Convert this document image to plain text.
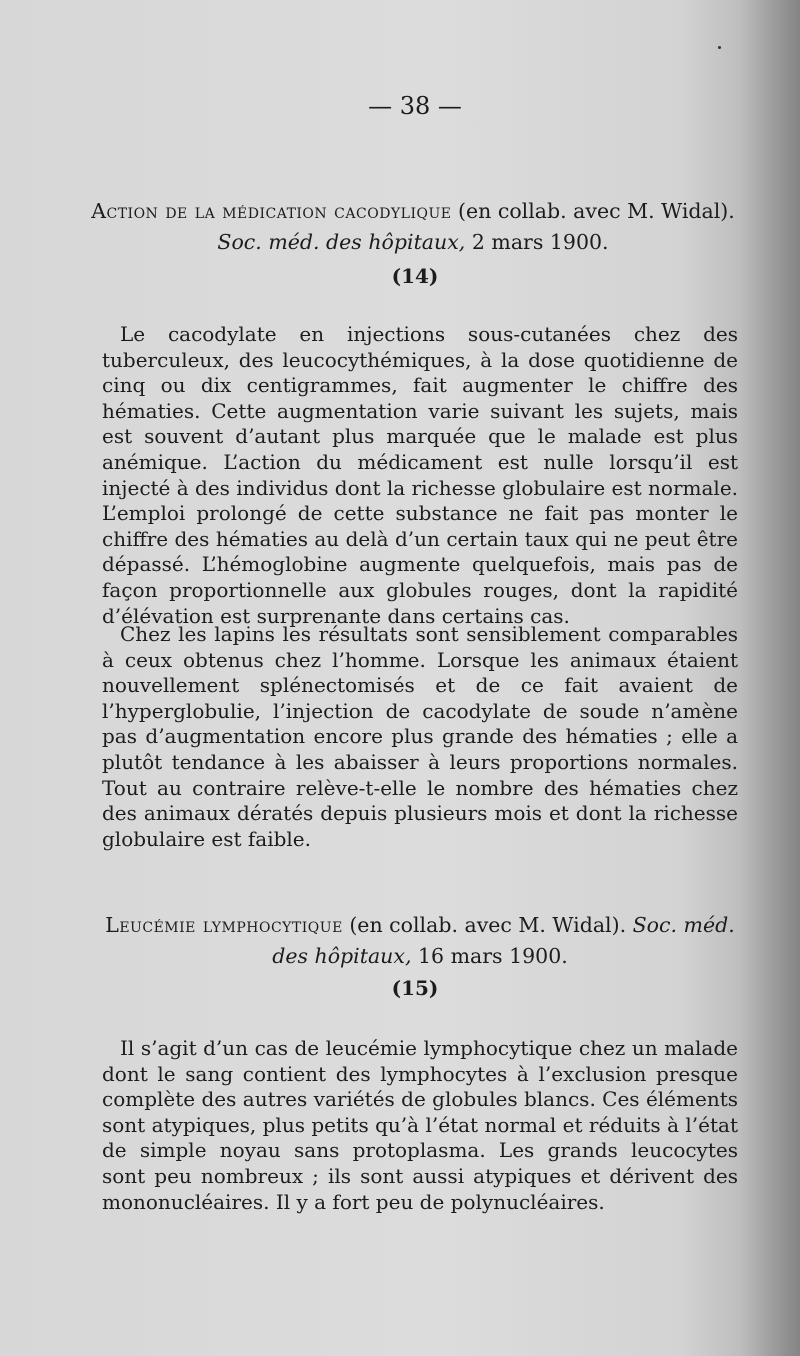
— 38 —
Action de la médication cacodylique (en collab. avec M. Widal).
Soc. méd. des hôpitaux, 2 mars 1900.
(14)

Le cacodylate en injections sous-cutanées chez des tuberculeux, des leucocythémiques, à la dose quotidienne de cinq ou dix centigrammes, fait augmenter le chiffre des hématies. Cette augmentation varie suivant les sujets, mais est souvent d’autant plus marquée que le malade est plus anémique. L’action du médicament est nulle lorsqu’il est injecté à des individus dont la richesse globulaire est normale. L’emploi prolongé de cette substance ne fait pas monter le chiffre des hématies au delà d’un certain taux qui ne peut être dépassé. L’hémoglobine augmente quelquefois, mais pas de façon proportionnelle aux globules rouges, dont la rapidité d’élévation est surprenante dans certains cas.

Chez les lapins les résultats sont sensiblement comparables à ceux obtenus chez l’homme. Lorsque les animaux étaient nouvellement splénectomisés et de ce fait avaient de l’hyperglobulie, l’injection de cacodylate de soude n’amène pas d’augmentation encore plus grande des hématies ; elle a plutôt tendance à les abaisser à leurs proportions normales. Tout au contraire relève-t-elle le nombre des hématies chez des animaux dératés depuis plusieurs mois et dont la richesse globulaire est faible.

Leucémie lymphocytique (en collab. avec M. Widal). Soc. méd.
des hôpitaux, 16 mars 1900.
(15)

Il s’agit d’un cas de leucémie lymphocytique chez un malade dont le sang contient des lymphocytes à l’exclusion presque complète des autres variétés de globules blancs. Ces éléments sont atypiques, plus petits qu’à l’état normal et réduits à l’état de simple noyau sans protoplasma. Les grands leucocytes sont peu nombreux ; ils sont aussi atypiques et dérivent des mononucléaires. Il y a fort peu de polynucléaires.
